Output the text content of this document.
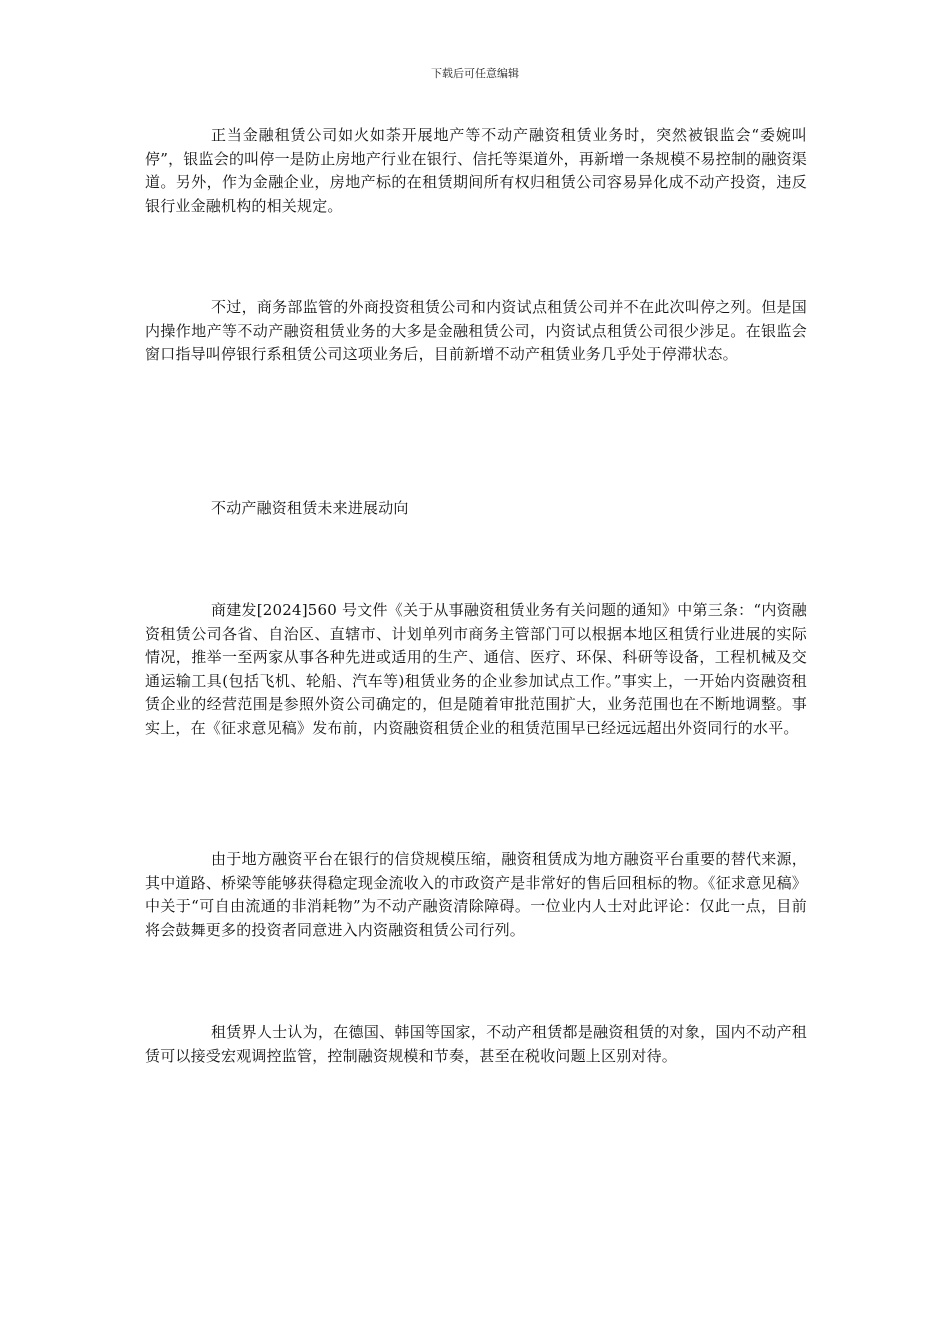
下载后可任意编辑

正当金融租赁公司如火如荼开展地产等不动产融资租赁业务时，突然被银监会“委婉叫停”，银监会的叫停一是防止房地产行业在银行、信托等渠道外，再新增一条规模不易控制的融资渠道。另外，作为金融企业，房地产标的在租赁期间所有权归租赁公司容易异化成不动产投资，违反银行业金融机构的相关规定。

不过，商务部监管的外商投资租赁公司和内资试点租赁公司并不在此次叫停之列。但是国内操作地产等不动产融资租赁业务的大多是金融租赁公司，内资试点租赁公司很少涉足。在银监会窗口指导叫停银行系租赁公司这项业务后，目前新增不动产租赁业务几乎处于停滞状态。

不动产融资租赁未来进展动向

商建发[2024]560 号文件《关于从事融资租赁业务有关问题的通知》中第三条：“内资融资租赁公司各省、自治区、直辖市、计划单列市商务主管部门可以根据本地区租赁行业进展的实际情况，推举一至两家从事各种先进或适用的生产、通信、医疗、环保、科研等设备，工程机械及交通运输工具(包括飞机、轮船、汽车等)租赁业务的企业参加试点工作。”事实上，一开始内资融资租赁企业的经营范围是参照外资公司确定的，但是随着审批范围扩大，业务范围也在不断地调整。事实上，在《征求意见稿》发布前，内资融资租赁企业的租赁范围早已经远远超出外资同行的水平。

由于地方融资平台在银行的信贷规模压缩，融资租赁成为地方融资平台重要的替代来源，其中道路、桥梁等能够获得稳定现金流收入的市政资产是非常好的售后回租标的物。《征求意见稿》中关于“可自由流通的非消耗物”为不动产融资清除障碍。一位业内人士对此评论：仅此一点，目前将会鼓舞更多的投资者同意进入内资融资租赁公司行列。

租赁界人士认为，在德国、韩国等国家，不动产租赁都是融资租赁的对象，国内不动产租赁可以接受宏观调控监管，控制融资规模和节奏，甚至在税收问题上区别对待。
